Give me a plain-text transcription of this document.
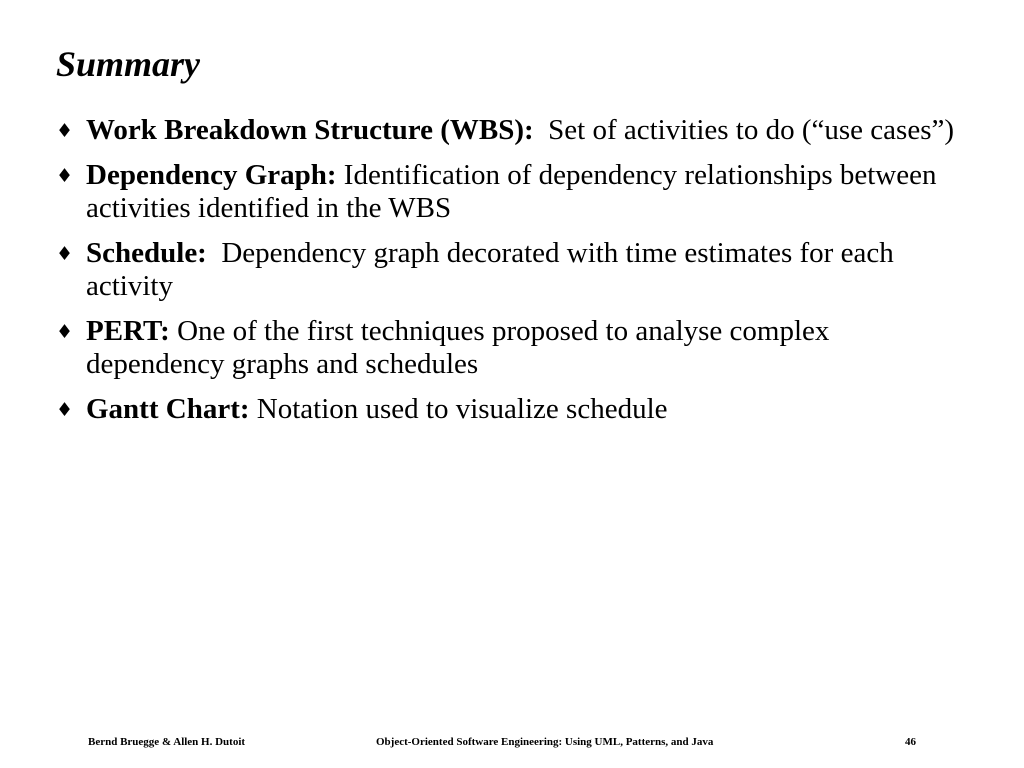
Summary
♦ Work Breakdown Structure (WBS):  Set of activities to do (“use cases”)
♦ Dependency Graph: Identification of dependency relationships between activities identified in the WBS
♦ Schedule:  Dependency graph decorated with time estimates for each activity
♦ PERT: One of the first techniques proposed to analyse complex dependency graphs and schedules
♦ Gantt Chart: Notation used to visualize schedule
Bernd Bruegge & Allen H. Dutoit	Object-Oriented Software Engineering: Using UML, Patterns, and Java	46
